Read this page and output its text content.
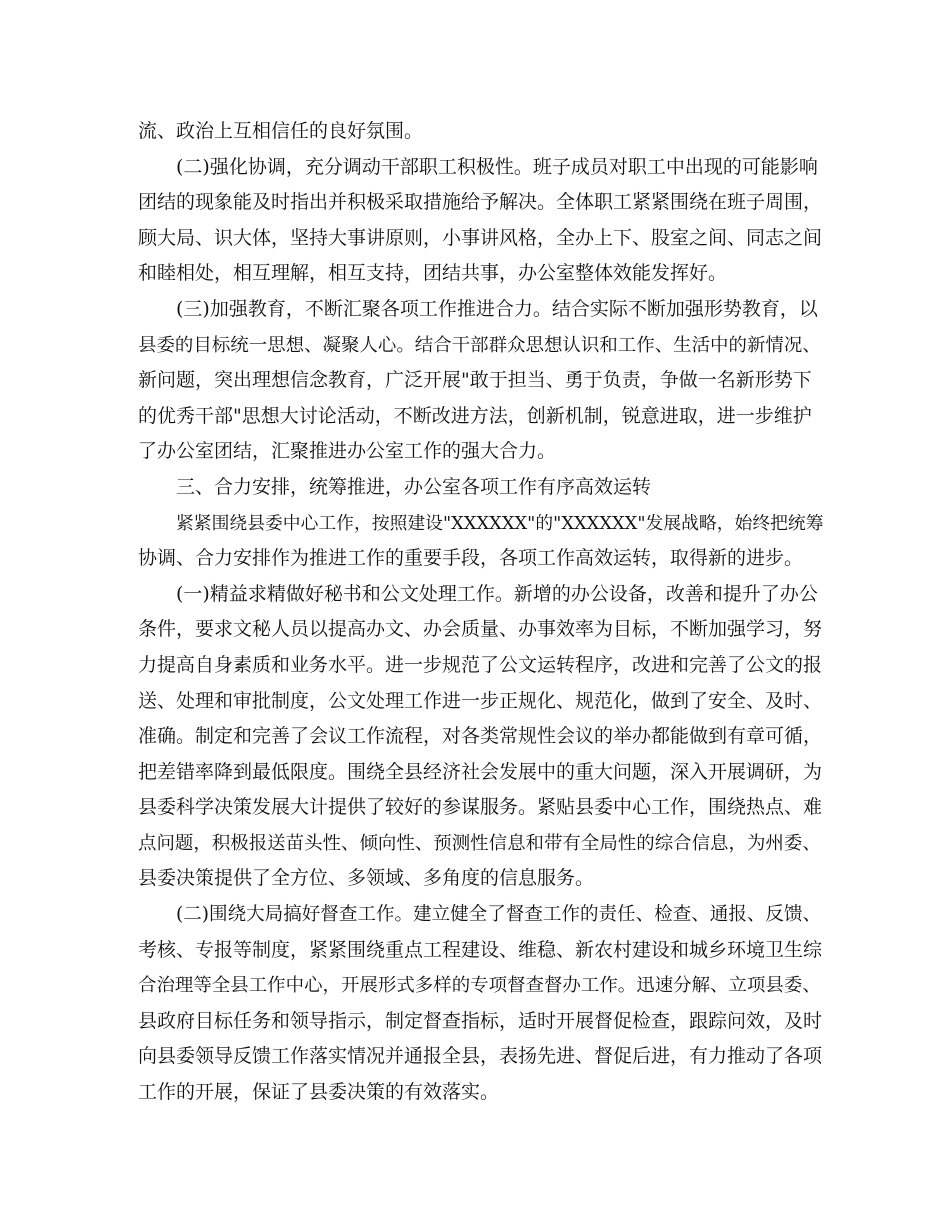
流、政治上互相信任的良好氛围。
(二)强化协调，充分调动干部职工积极性。班子成员对职工中出现的可能影响
团结的现象能及时指出并积极采取措施给予解决。全体职工紧紧围绕在班子周围，
顾大局、识大体，坚持大事讲原则，小事讲风格，全办上下、股室之间、同志之间
和睦相处，相互理解，相互支持，团结共事，办公室整体效能发挥好。
(三)加强教育，不断汇聚各项工作推进合力。结合实际不断加强形势教育，以
县委的目标统一思想、凝聚人心。结合干部群众思想认识和工作、生活中的新情况、
新问题，突出理想信念教育，广泛开展"敢于担当、勇于负责，争做一名新形势下
的优秀干部"思想大讨论活动，不断改进方法，创新机制，锐意进取，进一步维护
了办公室团结，汇聚推进办公室工作的强大合力。
三、合力安排，统筹推进，办公室各项工作有序高效运转
紧紧围绕县委中心工作，按照建设"XXXXXX"的"XXXXXX"发展战略，始终把统筹
协调、合力安排作为推进工作的重要手段，各项工作高效运转，取得新的进步。
(一)精益求精做好秘书和公文处理工作。新增的办公设备，改善和提升了办公
条件，要求文秘人员以提高办文、办会质量、办事效率为目标，不断加强学习，努
力提高自身素质和业务水平。进一步规范了公文运转程序，改进和完善了公文的报
送、处理和审批制度，公文处理工作进一步正规化、规范化，做到了安全、及时、
准确。制定和完善了会议工作流程，对各类常规性会议的举办都能做到有章可循，
把差错率降到最低限度。围绕全县经济社会发展中的重大问题，深入开展调研，为
县委科学决策发展大计提供了较好的参谋服务。紧贴县委中心工作，围绕热点、难
点问题，积极报送苗头性、倾向性、预测性信息和带有全局性的综合信息，为州委、
县委决策提供了全方位、多领域、多角度的信息服务。
(二)围绕大局搞好督查工作。建立健全了督查工作的责任、检查、通报、反馈、
考核、专报等制度，紧紧围绕重点工程建设、维稳、新农村建设和城乡环境卫生综
合治理等全县工作中心，开展形式多样的专项督查督办工作。迅速分解、立项县委、
县政府目标任务和领导指示，制定督查指标，适时开展督促检查，跟踪问效，及时
向县委领导反馈工作落实情况并通报全县，表扬先进、督促后进，有力推动了各项
工作的开展，保证了县委决策的有效落实。
